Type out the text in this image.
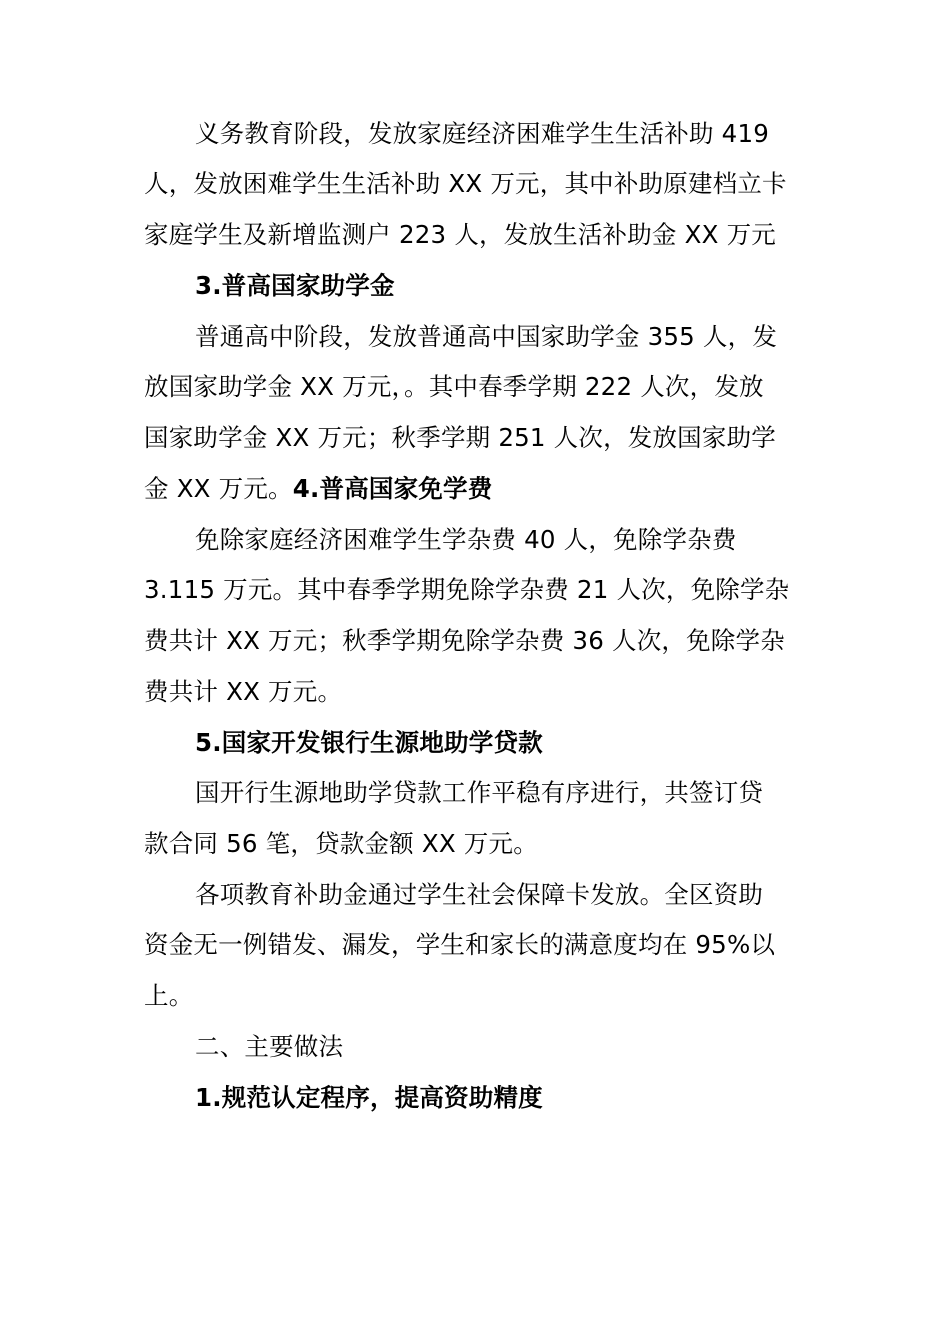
义务教育阶段，发放家庭经济困难学生生活补助 419
人，发放困难学生生活补助 XX 万元，其中补助原建档立卡
家庭学生及新增监测户 223 人，发放生活补助金 XX 万元
3.普高国家助学金
普通高中阶段，发放普通高中国家助学金 355 人，发
放国家助学金 XX 万元，。其中春季学期 222 人次，发放
国家助学金 XX 万元；秋季学期 251 人次，发放国家助学
金 XX 万元。4.普高国家免学费
免除家庭经济困难学生学杂费 40 人，免除学杂费
3.115 万元。其中春季学期免除学杂费 21 人次，免除学杂
费共计 XX 万元；秋季学期免除学杂费 36 人次，免除学杂
费共计 XX 万元。
5.国家开发银行生源地助学贷款
国开行生源地助学贷款工作平稳有序进行，共签订贷
款合同 56 笔，贷款金额 XX 万元。
各项教育补助金通过学生社会保障卡发放。全区资助
资金无一例错发、漏发，学生和家长的满意度均在 95%以
上。
二、主要做法
1.规范认定程序，提高资助精度
